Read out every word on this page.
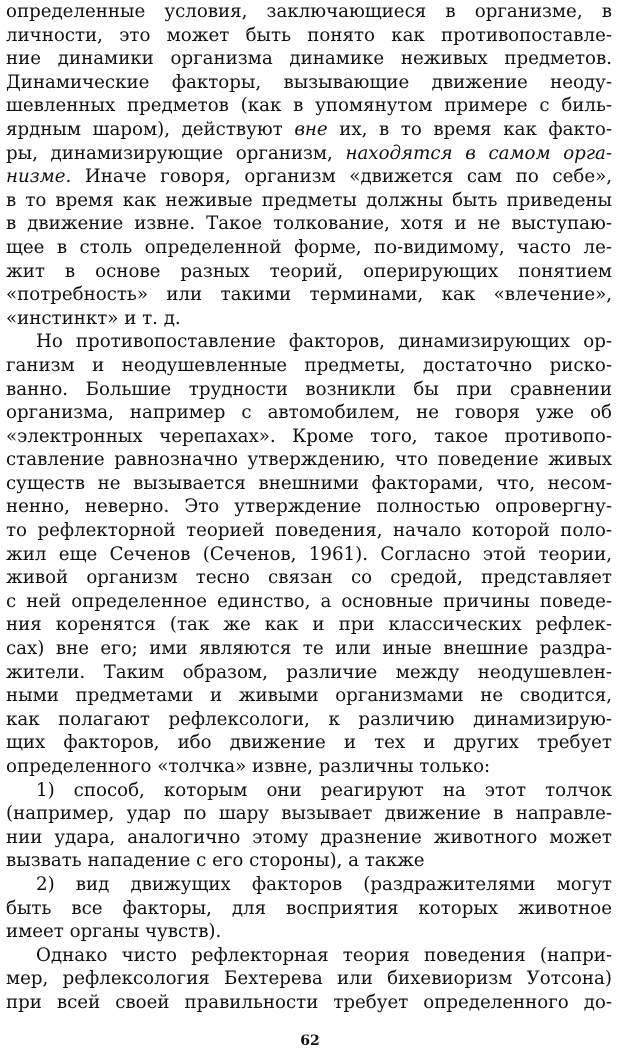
определенные условия, заключающиеся в организме, в
личности, это может быть понято как противопоставле-
ние динамики организма динамике неживых предметов.
Динамические факторы, вызывающие движение неоду-
шевленных предметов (как в упомянутом примере с биль-
ярдным шаром), действуют вне их, в то время как факто-
ры, динамизирующие организм, находятся в самом орга-
низме. Иначе говоря, организм «движется сам по себе»,
в то время как неживые предметы должны быть приведены
в движение извне. Такое толкование, хотя и не выступаю-
щее в столь определенной форме, по-видимому, часто ле-
жит в основе разных теорий, оперирующих понятием
«потребность» или такими терминами, как «влечение»,
«инстинкт» и т. д.
Но противопоставление факторов, динамизирующих ор-
ганизм и неодушевленные предметы, достаточно риско-
ванно. Большие трудности возникли бы при сравнении
организма, например с автомобилем, не говоря уже об
«электронных черепахах». Кроме того, такое противопо-
ставление равнозначно утверждению, что поведение живых
существ не вызывается внешними факторами, что, несом-
ненно, неверно. Это утверждение полностью опровергну-
то рефлекторной теорией поведения, начало которой поло-
жил еще Сеченов (Сеченов, 1961). Согласно этой теории,
живой организм тесно связан со средой, представляет
с ней определенное единство, а основные причины поведе-
ния коренятся (так же как и при классических рефлек-
сах) вне его; ими являются те или иные внешние раздра-
жители. Таким образом, различие между неодушевлен-
ными предметами и живыми организмами не сводится,
как полагают рефлексологи, к различию динамизирую-
щих факторов, ибо движение и тех и других требует
определенного «толчка» извне, различны только:
1) способ, которым они реагируют на этот толчок
(например, удар по шару вызывает движение в направле-
нии удара, аналогично этому дразнение животного может
вызвать нападение с его стороны), а также
2) вид движущих факторов (раздражителями могут
быть все факторы, для восприятия которых животное
имеет органы чувств).
Однако чисто рефлекторная теория поведения (напри-
мер, рефлексология Бехтерева или бихевиоризм Уотсона)
при всей своей правильности требует определенного до-
62
